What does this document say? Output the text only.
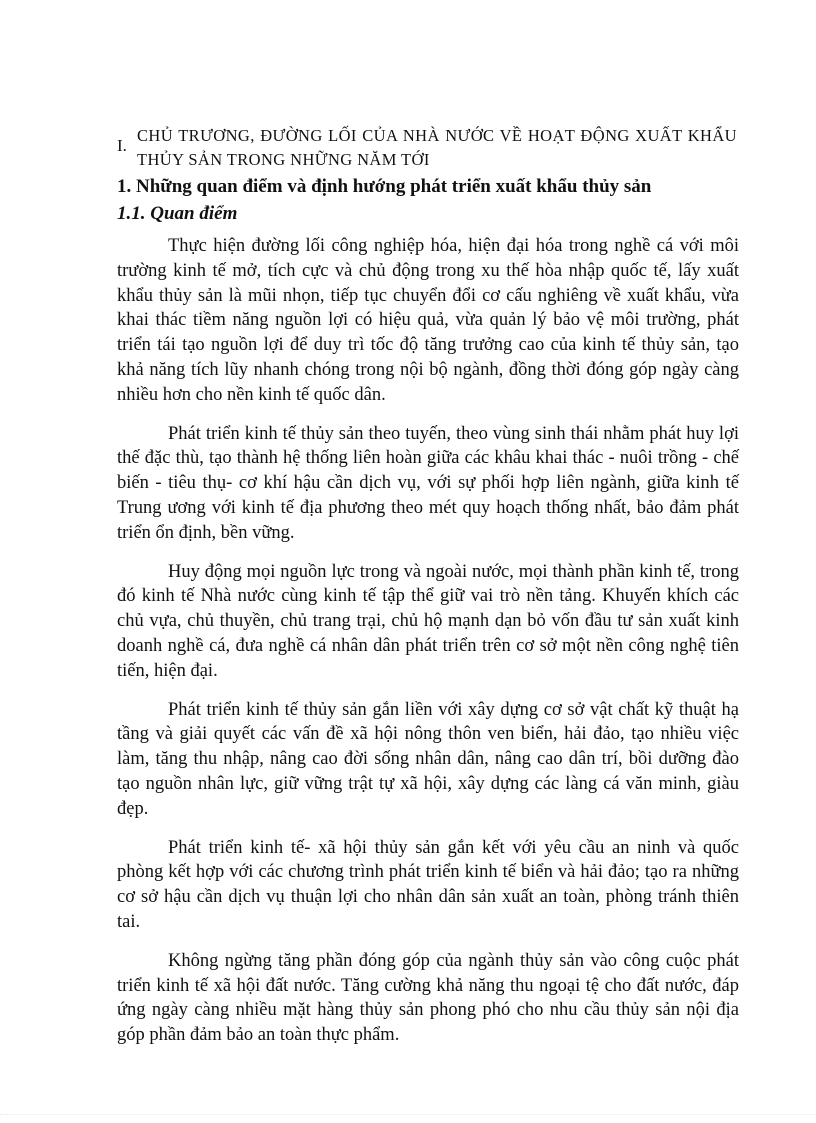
I.
CHỦ TRƯƠNG, ĐƯỜNG LỐI CỦA NHÀ NƯỚC VỀ HOẠT ĐỘNG XUẤT KHẨU THỦY SẢN TRONG NHỮNG NĂM TỚI
1. Những quan điểm và định hướng phát triển xuất khẩu thủy sản
1.1. Quan điểm

Thực hiện đường lối công nghiệp hóa, hiện đại hóa trong nghề cá với môi trường kinh tế mở, tích cực và chủ động trong xu thế hòa nhập quốc tế, lấy xuất khẩu thủy sản là mũi nhọn, tiếp tục chuyển đổi cơ cấu nghiêng về xuất khẩu, vừa khai thác tiềm năng nguồn lợi có hiệu quả, vừa quản lý bảo vệ môi trường, phát triển tái tạo nguồn lợi để duy trì tốc độ tăng trưởng cao của kinh tế thủy sản, tạo khả năng tích lũy nhanh chóng trong nội bộ ngành, đồng thời đóng góp ngày càng nhiều hơn cho nền kinh tế quốc dân.

Phát triển kinh tế thủy sản theo tuyến, theo vùng sinh thái nhằm phát huy lợi thế đặc thù, tạo thành hệ thống liên hoàn giữa các khâu khai thác - nuôi trồng - chế biến - tiêu thụ- cơ khí hậu cần dịch vụ, với sự phối hợp liên ngành, giữa kinh tế Trung ương với kinh tế địa phương theo mét quy hoạch thống nhất, bảo đảm phát triển ổn định, bền vững.

Huy động mọi nguồn lực trong và ngoài nước, mọi thành phần kinh tế, trong đó kinh tế Nhà nước cùng kinh tế tập thể giữ vai trò nền tảng. Khuyến khích các chủ vựa, chủ thuyền, chủ trang trại, chủ hộ mạnh dạn bỏ vốn đầu tư sản xuất kinh doanh nghề cá, đưa nghề cá nhân dân phát triển trên cơ sở một nền công nghệ tiên tiến, hiện đại.

Phát triển kinh tế thủy sản gắn liền với xây dựng cơ sở vật chất kỹ thuật hạ tầng và giải quyết các vấn đề xã hội nông thôn ven biển, hải đảo, tạo nhiều việc làm, tăng thu nhập, nâng cao đời sống nhân dân, nâng cao dân trí, bồi dưỡng đào tạo nguồn nhân lực, giữ vững trật tự xã hội, xây dựng các làng cá văn minh, giàu đẹp.

Phát triển kinh tế- xã hội thủy sản gắn kết với yêu cầu an ninh và quốc phòng kết hợp với các chương trình phát triển kinh tế biển và hải đảo; tạo ra những cơ sở hậu cần dịch vụ thuận lợi cho nhân dân sản xuất an toàn, phòng tránh thiên tai.

Không ngừng tăng phần đóng góp của ngành thủy sản vào công cuộc phát triển kinh tế xã hội đất nước. Tăng cường khả năng thu ngoại tệ cho đất nước, đáp ứng ngày càng nhiều mặt hàng thủy sản phong phó cho nhu cầu thủy sản nội địa góp phần đảm bảo an toàn thực phẩm.
